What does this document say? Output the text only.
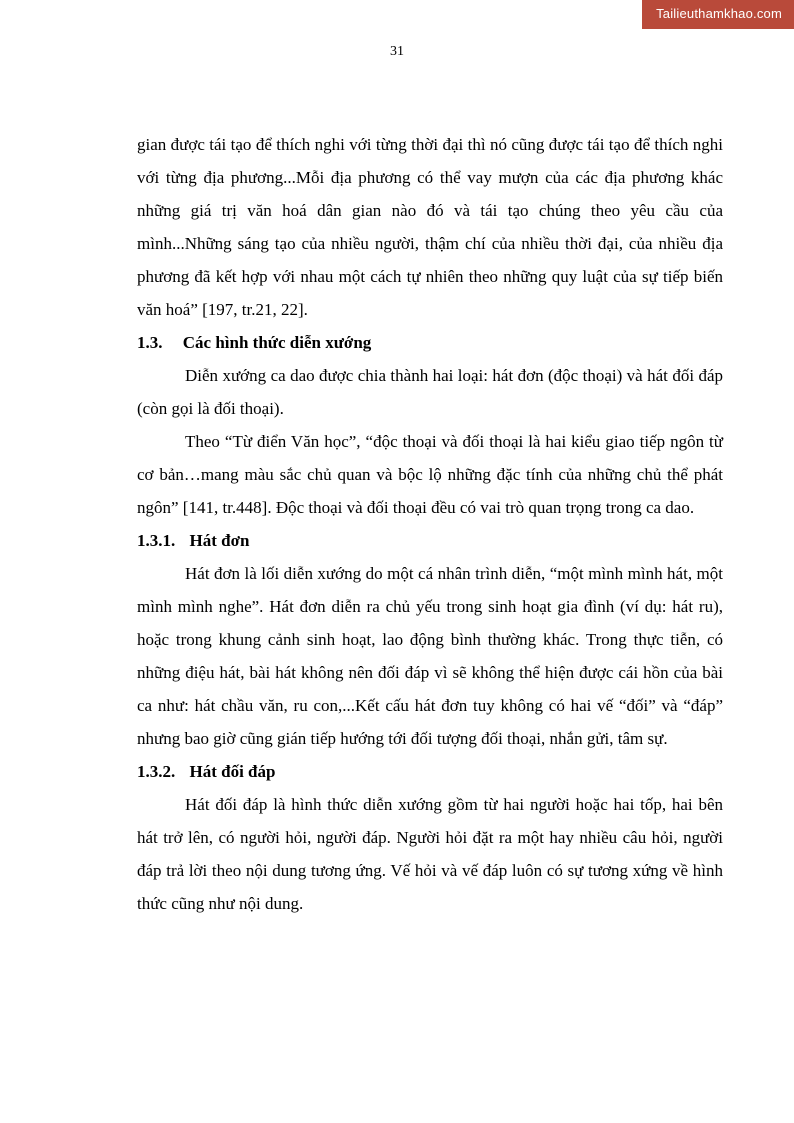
Tailieuthamkhao.com
31

gian được tái tạo để thích nghi với từng thời đại thì nó cũng được tái tạo để thích nghi với từng địa phương...Mỗi địa phương có thể vay mượn của các địa phương khác những giá trị văn hoá dân gian nào đó và tái tạo chúng theo yêu cầu của mình...Những sáng tạo của nhiều người, thậm chí của nhiều thời đại, của nhiều địa phương đã kết hợp với nhau một cách tự nhiên theo những quy luật của sự tiếp biến văn hoá” [197, tr.21, 22].

1.3. Các hình thức diễn xướng

Diễn xướng ca dao được chia thành hai loại: hát đơn (độc thoại) và hát đối đáp (còn gọi là đối thoại).

Theo “Từ điển Văn học”, “độc thoại và đối thoại là hai kiểu giao tiếp ngôn từ cơ bản…mang màu sắc chủ quan và bộc lộ những đặc tính của những chủ thể phát ngôn” [141, tr.448]. Độc thoại và đối thoại đều có vai trò quan trọng trong ca dao.

1.3.1. Hát đơn

Hát đơn là lối diễn xướng do một cá nhân trình diễn, “một mình mình hát, một mình mình nghe”. Hát đơn diễn ra chủ yếu trong sinh hoạt gia đình (ví dụ: hát ru), hoặc trong khung cảnh sinh hoạt, lao động bình thường khác. Trong thực tiễn, có những điệu hát, bài hát không nên đối đáp vì sẽ không thể hiện được cái hồn của bài ca như: hát chầu văn, ru con,...Kết cấu hát đơn tuy không có hai vế “đối” và “đáp” nhưng bao giờ cũng gián tiếp hướng tới đối tượng đối thoại, nhắn gửi, tâm sự.

1.3.2. Hát đối đáp

Hát đối đáp là hình thức diễn xướng gồm từ hai người hoặc hai tốp, hai bên hát trở lên, có người hỏi, người đáp. Người hỏi đặt ra một hay nhiều câu hỏi, người đáp trả lời theo nội dung tương ứng. Vế hỏi và vế đáp luôn có sự tương xứng về hình thức cũng như nội dung.
